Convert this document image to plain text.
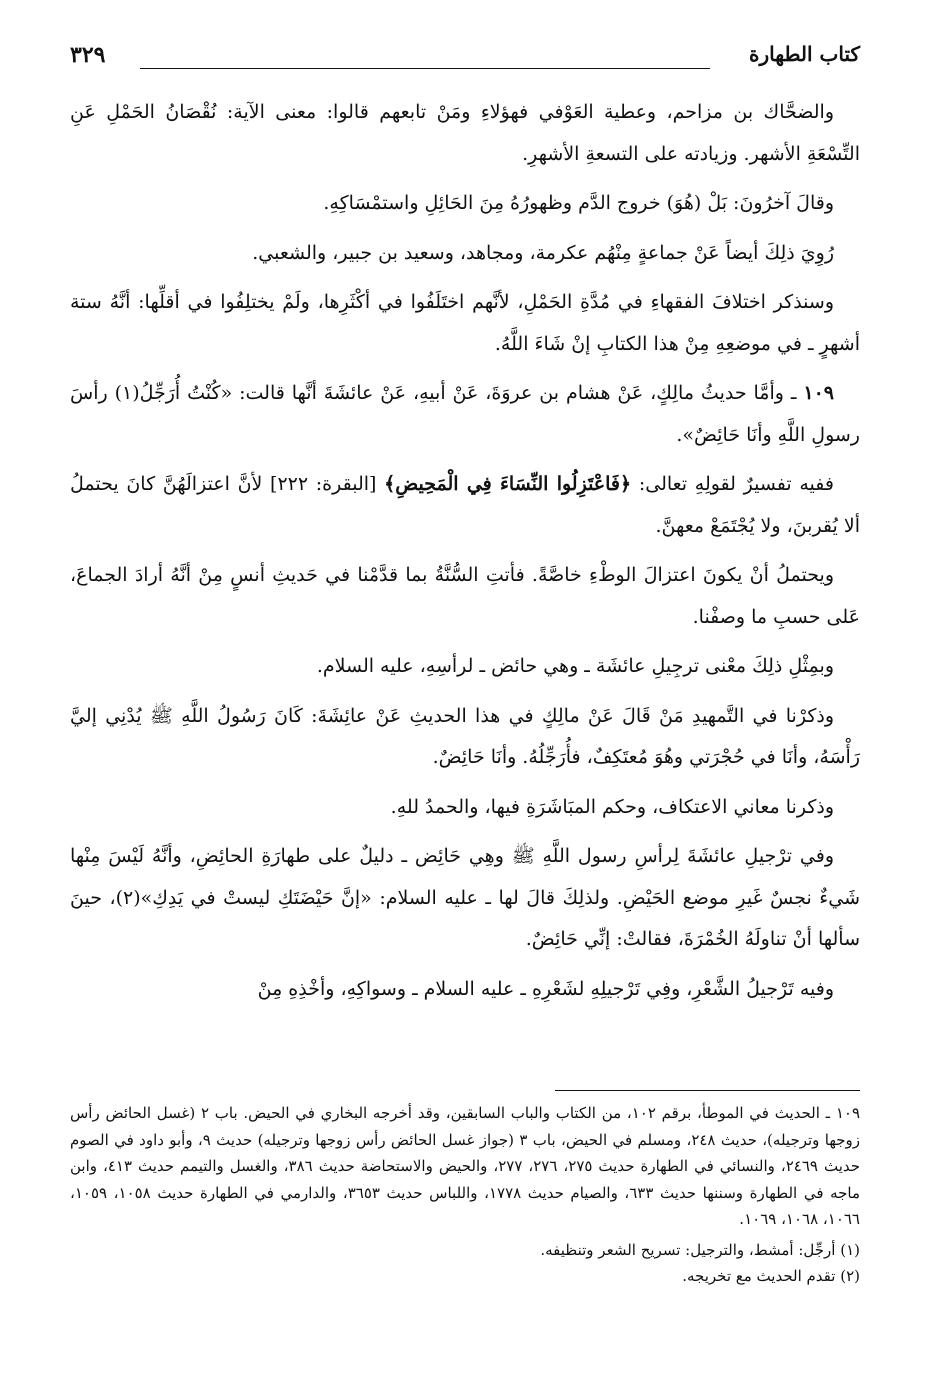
كتاب الطهارة
٣٢٩

والضحَّاك بن مزاحم، وعطية العَوْفي فهؤلاءِ ومَنْ تابعهم قالوا: معنى الآية: نُقْصَانُ الحَمْلِ عَنِ التِّسْعَةِ الأشهر. وزيادته على التسعةِ الأشهرِ.

وقالَ آخرُونَ: بَلْ (هُوَ) خروج الدَّم وظهورُهُ مِنَ الحَائِلِ واستمْسَاكِهِ.

رُوِيَ ذلِكَ أيضاً عَنْ جماعةٍ مِنْهُم عكرمة، ومجاهد، وسعيد بن جبير، والشعبي.

وسنذكر اختلافَ الفقهاءِ في مُدَّةِ الحَمْلِ، لأنَّهم اختَلَفُوا في أكْثَرِها، ولَمْ يختلِفُوا في أقلِّها: أنَّهُ ستة أشهرٍ ـ في موضعِهِ مِنْ هذا الكتابِ إنْ شَاءَ اللَّهُ.

١٠٩ ـ وأمَّا حديثُ مالِكٍ، عَنْ هشام بن عروَةَ، عَنْ أبيهِ، عَنْ عائشَةَ أنَّها قالت: «كُنْتُ أُرَجِّلُ(١) رأسَ رسولِ اللَّهِ وأنَا حَائِضٌ».

ففيه تفسيرٌ لقولِهِ تعالى: ﴿فَاعْتَزِلُوا النِّسَاءَ فِي الْمَحِيضِ﴾ [البقرة: ٢٢٢] لأنَّ اعتزالَهُنَّ كانَ يحتملُ ألا يُقربنَ، ولا يُجْتَمَعْ معهنَّ.

ويحتملُ أنْ يكونَ اعتزالَ الوطْءِ خاصَّةً. فأتتِ السُّنَّةُ بما قدَّمْنا في حَديثِ أنسٍ مِنْ أنَّهُ أرادَ الجماعَ، عَلى حسبِ ما وصفْنا.

وبمِثْلِ ذلِكَ معْنى ترجِيلِ عائشَة ـ وهي حائض ـ لرأسِهِ، عليه السلام.

وذكرْنا في التَّمهيدِ مَنْ قَالَ عَنْ مالِكٍ في هذا الحديثِ عَنْ عائِشَةَ: كَانَ رَسُولُ اللَّهِ ﷺ يُدْنِي إليَّ رَأْسَهُ، وأنَا في حُجْرَتي وهُوَ مُعتَكِفٌ، فأُرَجِّلُهُ. وأنَا حَائِضٌ.

وذكرنا معاني الاعتكاف، وحكم المبَاشَرَةِ فيها، والحمدُ للهِ.

وفي ترْجيلِ عائشَةَ لِرأسِ رسول اللَّهِ ﷺ وهِي حَائِض ـ دليلٌ على طهارَةِ الحائِضِ، وأنَّهُ لَيْسَ مِنْها شَيءٌ نجسٌ غَيرِ موضع الحَيْضِ. ولذلِكَ قالَ لها ـ عليه السلام: «إنَّ حَيْضَتَكِ ليستْ في يَدِكِ»(٢)، حينَ سألها أنْ تناولَهُ الخُمْرَةَ، فقالتْ: إنِّي حَائِضٌ.

وفيه تَرْجيلُ الشَّعْرِ، وفِي تَرْجيلِهِ لشَعْرِهِ ـ عليه السلام ـ وسواكِهِ، وأخْذِهِ مِنْ

١٠٩ ـ الحديث في الموطأ، برقم ١٠٢، من الكتاب والباب السابقين، وقد أخرجه البخاري في الحيض. باب ٢ (غسل الحائض رأس زوجها وترجيله)، حديث ٢٤٨، ومسلم في الحيض، باب ٣ (جواز غسل الحائض رأس زوجها وترجيله) حديث ٩، وأبو داود في الصوم حديث ٢٤٦٩، والنسائي في الطهارة حديث ٢٧٥، ٢٧٦، ٢٧٧، والحيض والاستحاضة حديث ٣٨٦، والغسل والتيمم حديث ٤١٣، وابن ماجه في الطهارة وسننها حديث ٦٣٣، والصيام حديث ١٧٧٨، واللباس حديث ٣٦٥٣، والدارمي في الطهارة حديث ١٠٥٨، ١٠٥٩، ١٠٦٦، ١٠٦٨، ١٠٦٩.

(١) أرجِّل: أمشط، والترجيل: تسريح الشعر وتنظيفه.

(٢) تقدم الحديث مع تخريجه.
